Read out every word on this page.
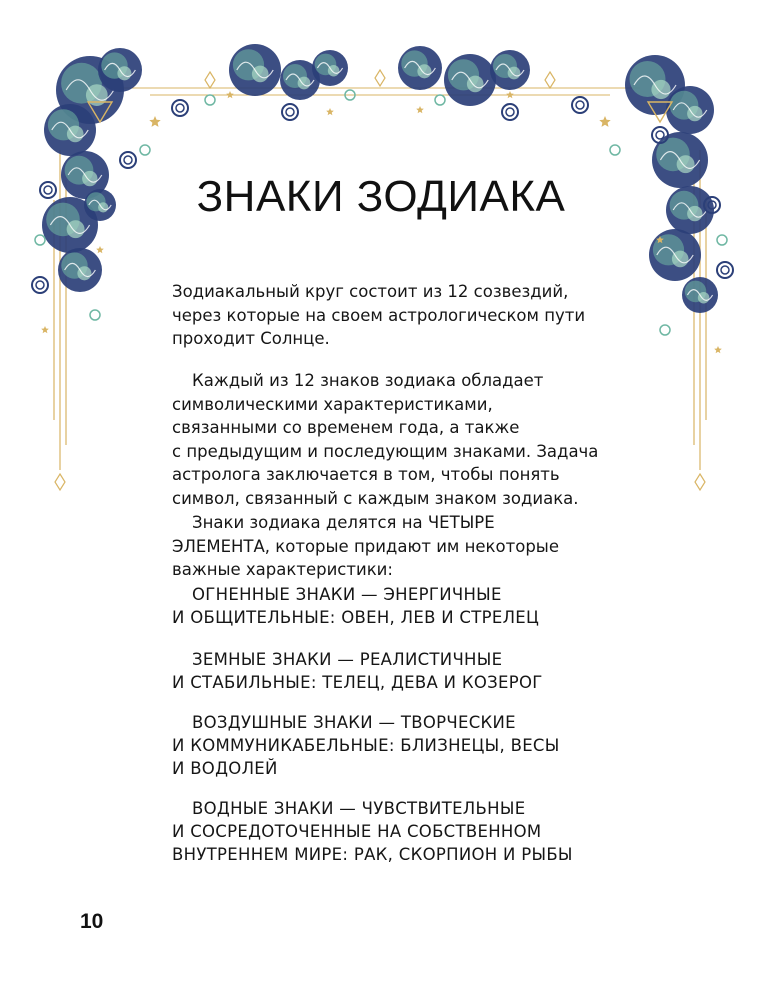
ЗНАКИ ЗОДИАКА
Зодиакальный круг состоит из 12 созвездий,
через которые на своем астрологическом пути
проходит Солнце.
Каждый из 12 знаков зодиака обладает
символическими характеристиками,
связанными со временем года, а также
с предыдущим и последующим знаками. Задача
астролога заключается в том, чтобы понять
символ, связанный с каждым знаком зодиака.
Знаки зодиака делятся на ЧЕТЫРЕ
ЭЛЕМЕНТА, которые придают им некоторые
важные характеристики:
ОГНЕННЫЕ ЗНАКИ — ЭНЕРГИЧНЫЕ
И ОБЩИТЕЛЬНЫЕ: ОВЕН, ЛЕВ И СТРЕЛЕЦ
ЗЕМНЫЕ ЗНАКИ — РЕАЛИСТИЧНЫЕ
И СТАБИЛЬНЫЕ: ТЕЛЕЦ, ДЕВА И КОЗЕРОГ
ВОЗДУШНЫЕ ЗНАКИ — ТВОРЧЕСКИЕ
И КОММУНИКАБЕЛЬНЫЕ: БЛИЗНЕЦЫ, ВЕСЫ
И ВОДОЛЕЙ
ВОДНЫЕ ЗНАКИ — ЧУВСТВИТЕЛЬНЫЕ
И СОСРЕДОТОЧЕННЫЕ НА СОБСТВЕННОМ
ВНУТРЕННЕМ МИРЕ: РАК, СКОРПИОН И РЫБЫ
10
